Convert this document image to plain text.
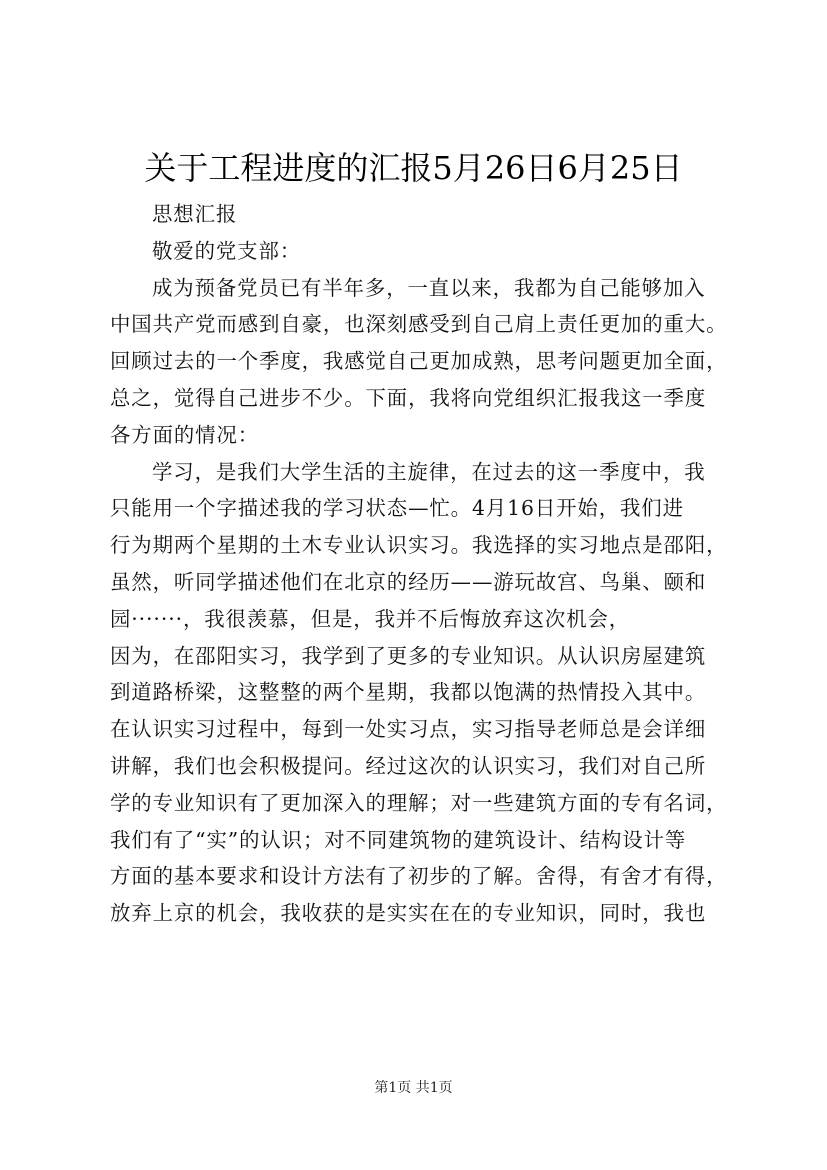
关于工程进度的汇报5月26日6月25日
思想汇报
敬爱的党支部：
成为预备党员已有半年多，一直以来，我都为自己能够加入
中国共产党而感到自豪，也深刻感受到自己肩上责任更加的重大。
回顾过去的一个季度，我感觉自己更加成熟，思考问题更加全面，
总之，觉得自己进步不少。下面，我将向党组织汇报我这一季度
各方面的情况：
学习，是我们大学生活的主旋律，在过去的这一季度中，我
只能用一个字描述我的学习状态—忙。4月16日开始，我们进
行为期两个星期的土木专业认识实习。我选择的实习地点是邵阳，
虽然，听同学描述他们在北京的经历——游玩故宫、鸟巢、颐和
园·······，我很羡慕，但是，我并不后悔放弃这次机会，
因为，在邵阳实习，我学到了更多的专业知识。从认识房屋建筑
到道路桥梁，这整整的两个星期，我都以饱满的热情投入其中。
在认识实习过程中，每到一处实习点，实习指导老师总是会详细
讲解，我们也会积极提问。经过这次的认识实习，我们对自己所
学的专业知识有了更加深入的理解；对一些建筑方面的专有名词，
我们有了“实”的认识；对不同建筑物的建筑设计、结构设计等
方面的基本要求和设计方法有了初步的了解。舍得，有舍才有得，
放弃上京的机会，我收获的是实实在在的专业知识，同时，我也
第1页 共1页
